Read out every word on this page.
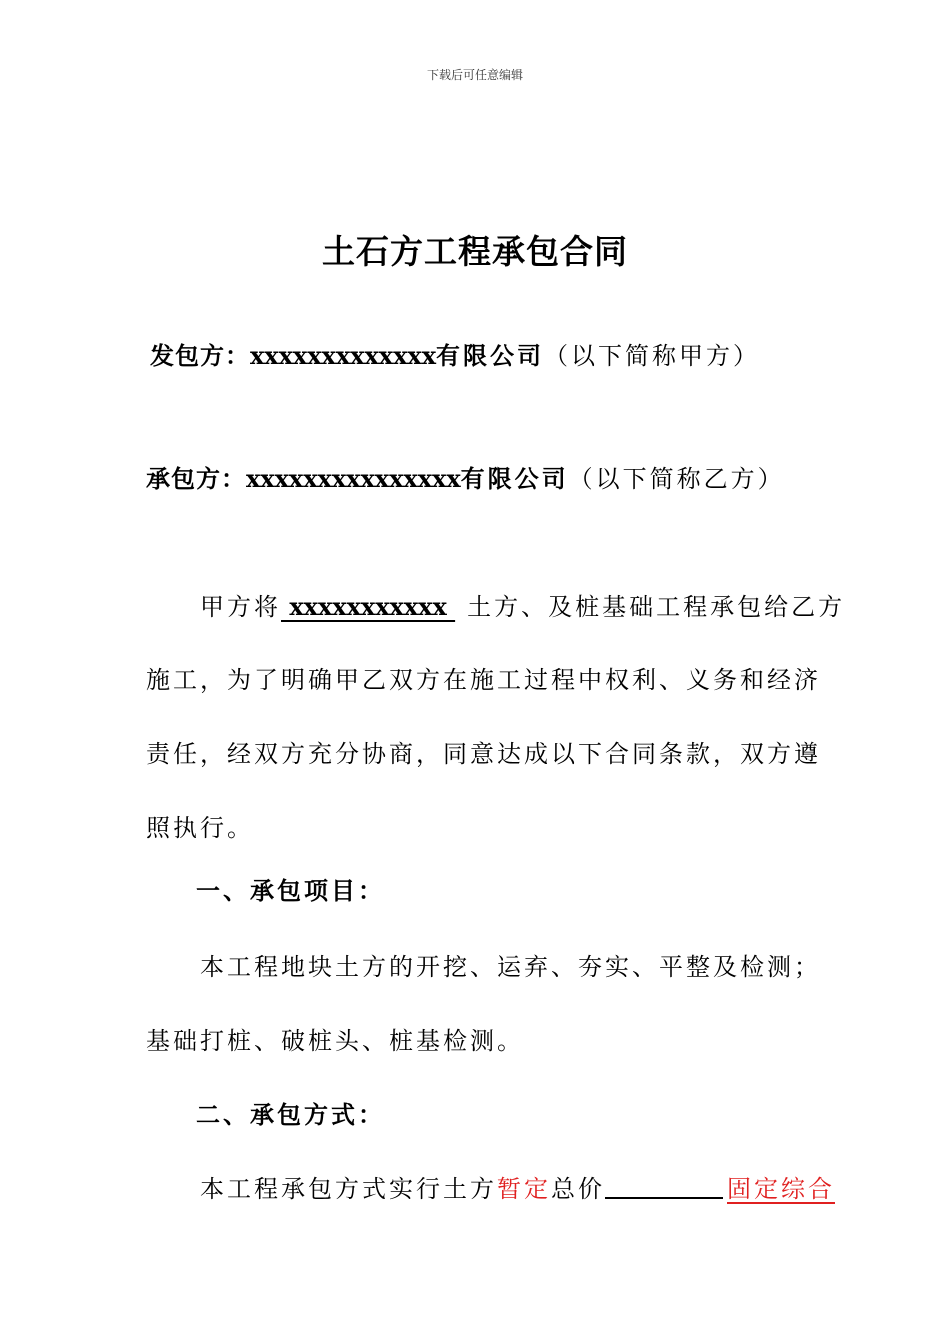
下载后可任意编辑
土石方工程承包合同
发包方：xxxxxxxxxxxxx有限公司（以下简称甲方）
承包方：xxxxxxxxxxxxxxx有限公司（以下简称乙方）
甲方将 xxxxxxxxxxx 土方、及桩基础工程承包给乙方
施工，为了明确甲乙双方在施工过程中权利、义务和经济
责任，经双方充分协商，同意达成以下合同条款，双方遵
照执行。
一、承包项目：
本工程地块土方的开挖、运弃、夯实、平整及检测；
基础打桩、破桩头、桩基检测。
二、承包方式：
本工程承包方式实行土方暂定总价	固定综合
